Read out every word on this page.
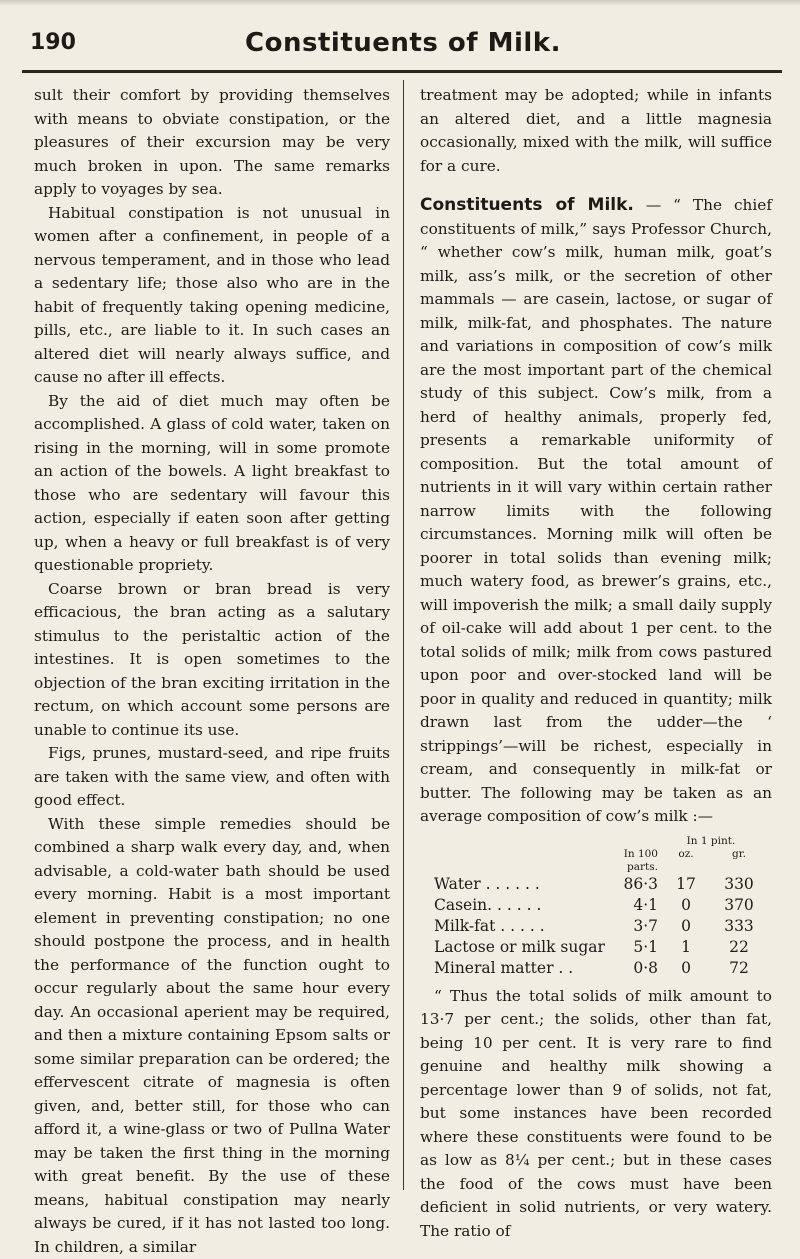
190	Constituents of Milk.

sult their comfort by providing themselves with means to obviate constipation, or the pleasures of their excursion may be very much broken in upon. The same remarks apply to voyages by sea.

Habitual constipation is not unusual in women after a confinement, in people of a nervous temperament, and in those who lead a sedentary life; those also who are in the habit of frequently taking opening medicine, pills, etc., are liable to it. In such cases an altered diet will nearly always suffice, and cause no after ill effects.

By the aid of diet much may often be accomplished. A glass of cold water, taken on rising in the morning, will in some promote an action of the bowels. A light breakfast to those who are sedentary will favour this action, especially if eaten soon after getting up, when a heavy or full breakfast is of very questionable propriety.

Coarse brown or bran bread is very efficacious, the bran acting as a salutary stimulus to the peristaltic action of the intestines. It is open sometimes to the objection of the bran exciting irritation in the rectum, on which account some persons are unable to continue its use.

Figs, prunes, mustard-seed, and ripe fruits are taken with the same view, and often with good effect.

With these simple remedies should be combined a sharp walk every day, and, when advisable, a cold-water bath should be used every morning. Habit is a most important element in preventing constipation; no one should postpone the process, and in health the performance of the function ought to occur regularly about the same hour every day. An occasional aperient may be required, and then a mixture containing Epsom salts or some similar preparation can be ordered; the effervescent citrate of magnesia is often given, and, better still, for those who can afford it, a wine-glass or two of Pullna Water may be taken the first thing in the morning with great benefit. By the use of these means, habitual constipation may nearly always be cured, if it has not lasted too long. In children, a similar

treatment may be adopted; while in infants an altered diet, and a little magnesia occasionally, mixed with the milk, will suffice for a cure.

Constituents of Milk. — “ The chief constituents of milk,” says Professor Church, “ whether cow’s milk, human milk, goat’s milk, ass’s milk, or the secretion of other mammals — are casein, lactose, or sugar of milk, milk-fat, and phosphates. The nature and variations in composition of cow’s milk are the most important part of the chemical study of this subject. Cow’s milk, from a herd of healthy animals, properly fed, presents a remarkable uniformity of composition. But the total amount of nutrients in it will vary within certain rather narrow limits with the following circumstances. Morning milk will often be poorer in total solids than evening milk; much watery food, as brewer’s grains, etc., will impoverish the milk; a small daily supply of oil-cake will add about 1 per cent. to the total solids of milk; milk from cows pastured upon poor and over-stocked land will be poor in quality and reduced in quantity; milk drawn last from the udder—the ‘ strippings’—will be richest, especially in cream, and consequently in milk-fat or butter. The following may be taken as an average composition of cow’s milk :—

In 1 pint.
In 100 parts.
oz.	gr.
Water . . . . . .	86·3	17	330
Casein. . . . . .	4·1	0	370
Milk-fat . . . . .	3·7	0	333
Lactose or milk sugar	5·1	1	22
Mineral matter . .	0·8	0	72

“ Thus the total solids of milk amount to 13·7 per cent.; the solids, other than fat, being 10 per cent. It is very rare to find genuine and healthy milk showing a percentage lower than 9 of solids, not fat, but some instances have been recorded where these constituents were found to be as low as 8¼ per cent.; but in these cases the food of the cows must have been deficient in solid nutrients, or very watery. The ratio of
